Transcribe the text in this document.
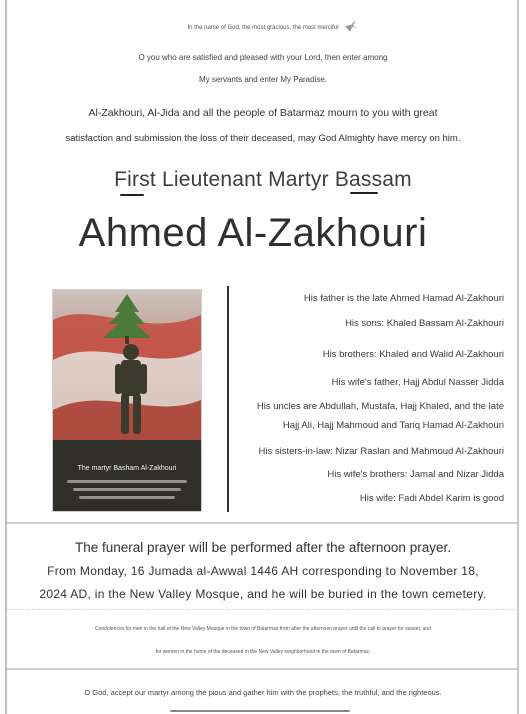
In the name of God, the most gracious, the most merciful
O you who are satisfied and pleased with your Lord, then enter among
My servants and enter My Paradise.
Al-Zakhouri, Al-Jida and all the people of Batarmaz mourn to you with great
satisfaction and submission the loss of their deceased, may God Almighty have mercy on him.
First Lieutenant Martyr Bassam
Ahmed Al-Zakhouri
The martyr Basham Al-Zakhouri
His father is the late Ahmed Hamad Al-Zakhouri
His sons: Khaled Bassam Al-Zakhouri
His brothers: Khaled and Walid Al-Zakhouri
His wife's father, Hajj Abdul Nasser Jidda
His uncles are Abdullah, Mustafa, Hajj Khaled, and the late
Hajj Ali, Hajj Mahmoud and Tariq Hamad Al-Zakhouri
His sisters-in-law: Nizar Raslan and Mahmoud Al-Zakhouri
His wife's brothers: Jamal and Nizar Jidda
His wife: Fadi Abdel Karim is good
The funeral prayer will be performed after the afternoon prayer.
From Monday, 16 Jumada al-Awwal 1446 AH corresponding to November 18,
2024 AD, in the New Valley Mosque, and he will be buried in the town cemetery.
Condolences for men in the hall of the New Valley Mosque in the town of Batarmaz from after the afternoon prayer until the call to prayer for sunset, and
for women in the home of the deceased in the New Valley neighborhood in the town of Batarmaz.
O God, accept our martyr among the pious and gather him with the prophets, the truthful, and the righteous.
